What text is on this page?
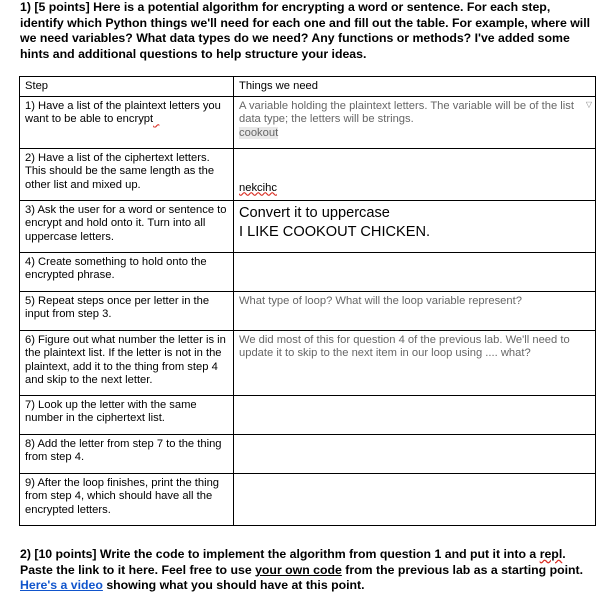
1) [5 points] Here is a potential algorithm for encrypting a word or sentence. For each step, identify which Python things we'll need for each one and fill out the table. For example, where will we need variables? What data types do we need? Any functions or methods? I've added some hints and additional questions to help structure your ideas.

Step	Things we need
1) Have a list of the plaintext letters you want to be able to encrypt	▽
A variable holding the plaintext letters. The variable will be of the list data type; the letters will be strings.
cookout
2) Have a list of the ciphertext letters. This should be the same length as the other list and mixed up.	nekcihc
3) Ask the user for a word or sentence to encrypt and hold onto it. Turn into all uppercase letters.	Convert it to uppercase
I LIKE COOKOUT CHICKEN.
4) Create something to hold onto the encrypted phrase.	
5) Repeat steps once per letter in the input from step 3.	What type of loop? What will the loop variable represent?
6) Figure out what number the letter is in the plaintext list. If the letter is not in the plaintext, add it to the thing from step 4 and skip to the next letter.	We did most of this for question 4 of the previous lab. We'll need to update it to skip to the next item in our loop using .... what?
7) Look up the letter with the same number in the ciphertext list.	
8) Add the letter from step 7 to the thing from step 4.	
9) After the loop finishes, print the thing from step 4, which should have all the encrypted letters.	

2) [10 points] Write the code to implement the algorithm from question 1 and put it into a repl. Paste the link to it here. Feel free to use your own code from the previous lab as a starting point. Here's a video showing what you should have at this point.
